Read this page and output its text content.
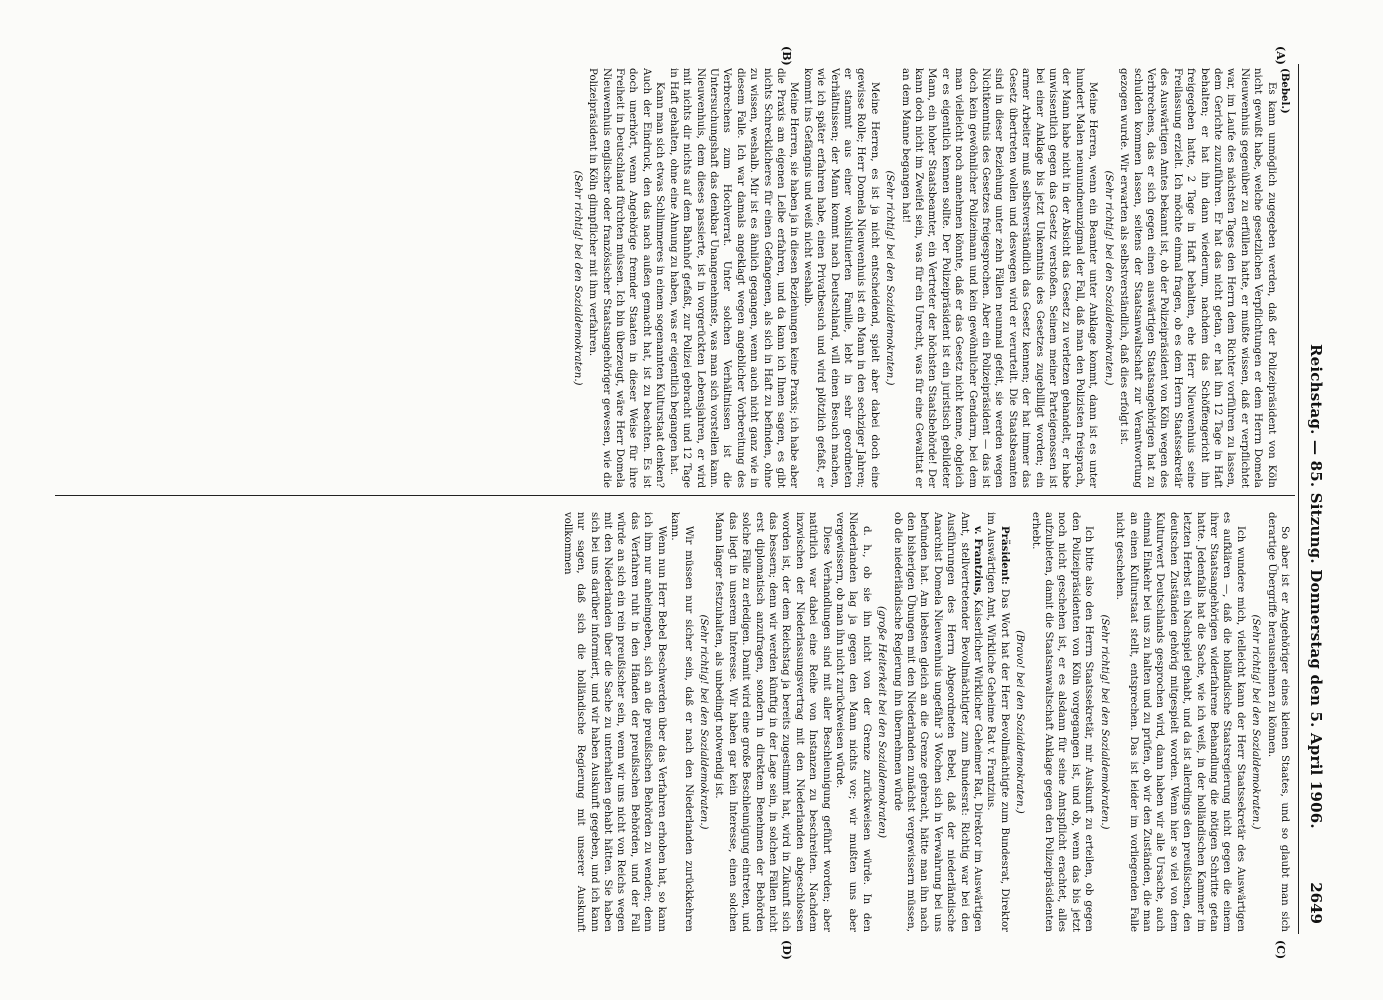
Reichstag. — 85. Sitzung. Donnerstag den 5. April 1906.
2649
(A)
(B)
(C)
(D)

(Bebel.)

Es kann unmöglich zugegeben werden, daß der Polizeipräsident von Köln nicht gewußt habe, welche gesetzlichen Verpflichtungen er dem Herrn Domela Nieuwenhuis gegenüber zu erfüllen hatte, er mußte wissen, daß er verpflichtet war, im Laufe des nächsten Tages den Herrn dem Richter vorführen zu lassen, dem Gerichte zuzuführen. Er hat das nicht getan, er hat ihn 12 Tage in Haft behalten; er hat ihn dann wiederum, nachdem das Schöffengericht ihn freigegeben hatte, 2 Tage in Haft behalten, ehe Herr Nieuwenhuis seine Freilassung erzielt. Ich möchte einmal fragen, ob es dem Herrn Staatssekretär des Auswärtigen Amtes bekannt ist, ob der Polizeipräsident von Köln wegen des Verbrechens, das er sich gegen einen auswärtigen Staatsangehörigen hat zu schulden kommen lassen, seitens der Staatsanwaltschaft zur Verantwortung gezogen wurde. Wir erwarten als selbstverständlich, daß dies erfolgt ist.

(Sehr richtig! bei den Sozialdemokraten.)

Meine Herren, wenn ein Beamter unter Anklage kommt, dann ist es unter hundert Malen neunundneunzigmal der Fall, daß man den Polizisten freisprach, der Mann habe nicht in der Absicht das Gesetz zu verletzen gehandelt, er habe unwissentlich gegen das Gesetz verstoßen. Seinem meiner Parteigenossen ist bei einer Anklage bis jetzt Unkenntnis des Gesetzes zugebilligt worden; ein armer Arbeiter muß selbstverständlich das Gesetz kennen; der hat immer das Gesetz übertreten wollen und deswegen wird er verurteilt. Die Staatsbeamten sind in dieser Beziehung unter zehn Fällen neunmal gefeit, sie werden wegen Nichtkenntnis des Gesetzes freigesprochen. Aber ein Polizeipräsident — das ist doch kein gewöhnlicher Polizeimann und kein gewöhnlicher Gendarm, bei dem man vielleicht noch annehmen könnte, daß er das Gesetz nicht kenne, obgleich er es eigentlich kennen sollte. Der Polizeipräsident ist ein juristisch gebildeter Mann, ein hoher Staatsbeamter, ein Vertreter der höchsten Staatsbehörde! Der kann doch nicht im Zweifel sein, was für ein Unrecht, was für eine Gewalttat er an dem Manne begangen hat!

(Sehr richtig! bei den Sozialdemokraten.)

Meine Herren, es ist ja nicht entscheidend, spielt aber dabei doch eine gewisse Rolle; Herr Domela Nieuwenhuis ist ein Mann in den sechziger Jahren; er stammt aus einer wohlsituierten Familie, lebt in sehr geordneten Verhältnissen; der Mann kommt nach Deutschland, will einen Besuch machen, wie ich später erfahren habe, einen Privatbesuch und wird plötzlich gefaßt, er kommt ins Gefängnis und weiß nicht weshalb.

Meine Herren, sie haben ja in diesen Beziehungen keine Praxis; ich habe aber die Praxis am eigenen Leibe erfahren, und da kann ich Ihnen sagen, es gibt nichts Schrecklicheres für einen Gefangenen, als sich in Haft zu befinden, ohne zu wissen, weshalb. Mir ist es ähnlich gegangen, wenn auch nicht ganz wie in diesem Falle. Ich war damals angeklagt wegen angeblicher Vorbereitung des Verbrechens zum Hochverrat. Unter solchen Verhältnissen ist die Untersuchungshaft das denkbar Unangenehmste, was man sich vorstellen kann. Nieuwenhuis, dem dieses passierte, ist in vorgerückten Lebensjahren, er wird mit nichts dir nichts auf dem Bahnhof gefaßt, zur Polizei gebracht und 12 Tage in Haft gehalten, ohne eine Ahnung zu haben, was er eigentlich begangen hat.

Kann man sich etwas Schlimmeres in einem sogenannten Kulturstaat denken? Auch der Eindruck, den das nach außen gemacht hat, ist zu beachten. Es ist doch unerhört, wenn Angehörige fremder Staaten in dieser Weise für ihre Freiheit in Deutschland fürchten müssen. Ich bin überzeugt, wäre Herr Domela Nieuwenhuis englischer oder französischer Staatsangehöriger gewesen, wie die Polizeipräsident in Köln glimpflicher mit ihm verfahren.

(Sehr richtig! bei den Sozialdemokraten.)

So aber ist er Angehöriger eines kleinen Staates, und so glaubt man sich derartige Übergriffe herausnehmen zu können.

(Sehr richtig! bei den Sozialdemokraten.)

Ich wundere mich, vielleicht kann der Herr Staatssekretär des Auswärtigen es aufklären —, daß die holländische Staatsregierung nicht gegen die einem ihrer Staatsangehörigen widerfahrene Behandlung die nötigen Schritte getan hatte. Jedenfalls hat die Sache, wie ich weiß, in der holländischen Kammer im letzten Herbst ein Nachspiel gehabt, und da ist allerdings den preußischen, den deutschen Zuständen gehörig mitgespielt worden. Wenn hier so viel von dem Kulturwert Deutschlands gesprochen wird, dann haben wir alle Ursache, auch einmal Einkehr bei uns zu halten und zu prüfen, ob wir den Zuständen, die man an einen Kulturstaat stellt, entsprechen. Das ist leider im vorliegenden Falle nicht geschehen.

(Sehr richtig! bei den Sozialdemokraten.)

Ich bitte also den Herrn Staatssekretär, mir Auskunft zu erteilen, ob gegen den Polizeipräsidenten von Köln vorgegangen ist, und ob, wenn das bis jetzt noch nicht geschehen ist, er es alsdann für seine Amtspflicht erachtet, alles aufzubieten, damit die Staatsanwaltschaft Anklage gegen den Polizeipräsidenten erhebt.

(Bravo! bei den Sozialdemokraten.)

Präsident: Das Wort hat der Herr Bevollmächtigte zum Bundesrat, Direktor im Auswärtigen Amt, Wirkliche Geheime Rat v. Frantzius.

v. Frantzius, Kaiserlicher Wirklicher Geheimer Rat, Direktor im Auswärtigen Amt, stellvertretender Bevollmächtigter zum Bundesrat: Richtig war bei den Ausführungen des Herrn Abgeordneten Bebel, daß der niederländische Anarchist Domela Nieuwenhuis ungefähr 3 Wochen sich in Verwahrung bei uns befunden hat. Am liebsten gleich an die Grenze gebracht, hätte man ihn nach den bisherigen Übungen mit den Niederlanden zunächst vergewissern müssen, ob die niederländische Regierung ihn übernehmen würde

(große Heiterkeit bei den Sozialdemokraten)

d. h., ob sie ihn nicht von der Grenze zurückweisen würde. In den Niederlanden lag ja gegen den Mann nichts vor; wir mußten uns aber vergewissern, ob man ihn nicht zurückweisen würde.

Diese Verhandlungen sind mit aller Beschleunigung geführt worden; aber natürlich war dabei eine Reihe von Instanzen zu beschreiten. Nachdem inzwischen der Niederlassungsvertrag mit den Niederlanden abgeschlossen worden ist, der dem Reichstag ja bereits zugestimmt hat, wird in Zukunft sich das bessern; denn wir werden künftig in der Lage sein, in solchen Fällen nicht erst diplomatisch anzufragen, sondern in direktem Benehmen der Behörden solche Fälle zu erledigen. Damit wird eine große Beschleunigung eintreten, und das liegt in unserem Interesse. Wir haben gar kein Interesse, einen solchen Mann länger festzuhalten, als unbedingt notwendig ist.

(Sehr richtig! bei den Sozialdemokraten.)

Wir müssen nur sicher sein, daß er nach den Niederlanden zurückkehren kann.

Wenn nun Herr Bebel Beschwerden über das Verfahren erhoben hat, so kann ich ihm nur anheimgeben, sich an die preußischen Behörden zu wenden; denn das Verfahren ruht in den Händen der preußischen Behörden, und der Fall würde an sich ein rein preußischer sein, wenn wir uns nicht von Reichs wegen mit den Niederlanden über die Sache zu unterhalten gehabt hätten. Sie haben sich bei uns darüber informiert, und wir haben Auskunft gegeben, und ich kann nur sagen, daß sich die holländische Regierung mit unserer Auskunft vollkommen
